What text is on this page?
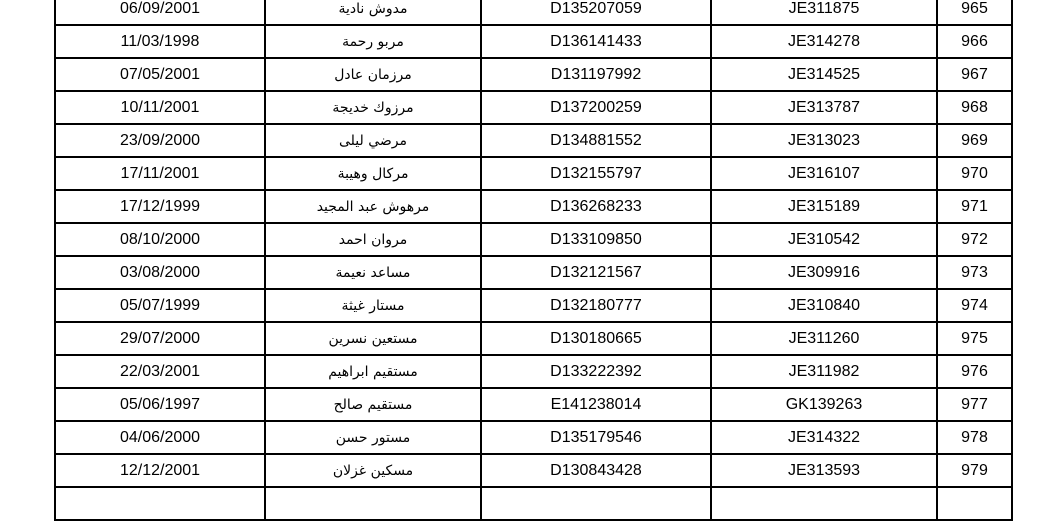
06/09/2001	مدوش نادية	D135207059	JE311875	965
11/03/1998	مربو رحمة	D136141433	JE314278	966
07/05/2001	مرزمان عادل	D131197992	JE314525	967
10/11/2001	مرزوك خديجة	D137200259	JE313787	968
23/09/2000	مرضي ليلى	D134881552	JE313023	969
17/11/2001	مركال وهيبة	D132155797	JE316107	970
17/12/1999	مرهوش عبد المجيد	D136268233	JE315189	971
08/10/2000	مروان احمد	D133109850	JE310542	972
03/08/2000	مساعد نعيمة	D132121567	JE309916	973
05/07/1999	مستار غيثة	D132180777	JE310840	974
29/07/2000	مستعين نسرين	D130180665	JE311260	975
22/03/2001	مستقيم ابراهيم	D133222392	JE311982	976
05/06/1997	مستقيم صالح	E141238014	GK139263	977
04/06/2000	مستور حسن	D135179546	JE314322	978
12/12/2001	مسكين غزلان	D130843428	JE313593	979
